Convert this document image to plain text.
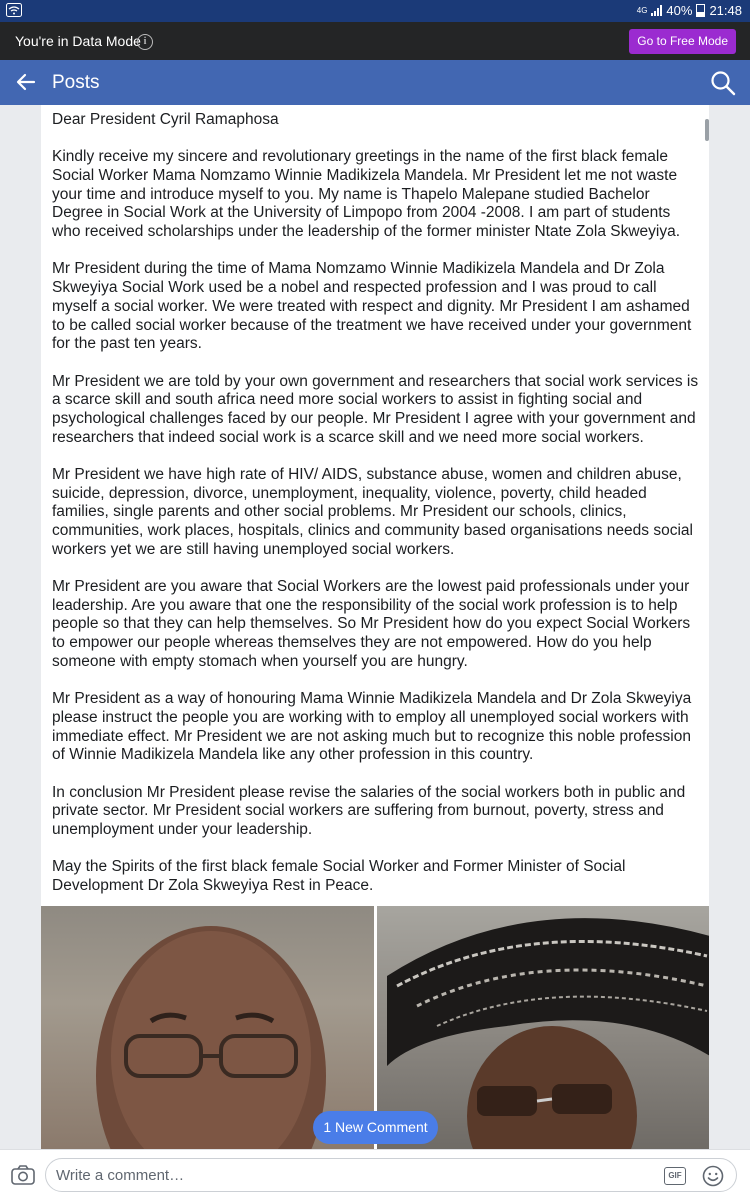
4G 40% 21:48
You're in Data Mode i	Go to Free Mode
Posts

Dear President Cyril Ramaphosa

Kindly receive my sincere and revolutionary greetings in the name of the first black female Social Worker Mama Nomzamo Winnie Madikizela Mandela. Mr President let me not waste your time and introduce myself to you. My name is Thapelo Malepane studied Bachelor Degree in Social Work at the University of Limpopo from 2004 -2008. I am part of students who received scholarships under the leadership of the former minister Ntate Zola Skweyiya.

Mr President during the time of Mama Nomzamo Winnie Madikizela Mandela and Dr Zola Skweyiya Social Work used be a nobel and respected profession and I was proud to call myself a social worker. We were treated with respect and dignity. Mr President I am ashamed to be called social worker because of the treatment we have received under your government for the past ten years.

Mr President we are told by your own government and researchers that social work services is a scarce skill and south africa need more social workers to assist in fighting social and psychological challenges faced by our people. Mr President I agree with your government and researchers that indeed social work is a scarce skill and we need more social workers.

Mr President we have high rate of HIV/ AIDS, substance abuse, women and children abuse, suicide, depression, divorce, unemployment, inequality, violence, poverty, child headed families, single parents and other social problems. Mr President our schools, clinics, communities, work places, hospitals, clinics and community based organisations needs social workers yet we are still having unemployed social workers.

Mr President are you aware that Social Workers are the lowest paid professionals under your leadership. Are you aware that one the responsibility of the social work profession is to help people so that they can help themselves. So Mr President how do you expect Social Workers to empower our people whereas themselves they are not empowered. How do you help someone with empty stomach when yourself you are hungry.

Mr President as a way of honouring Mama Winnie Madikizela Mandela and Dr Zola Skweyiya please instruct the people you are working with to employ all unemployed social workers with immediate effect. Mr President we are not asking much but to recognize this noble profession of Winnie Madikizela Mandela like any other profession in this country.

In conclusion Mr President please revise the salaries of the social workers both in public and private sector. Mr President social workers are suffering from burnout, poverty, stress and unemployment under your leadership.

May the Spirits of the first black female Social Worker and Former Minister of Social Development Dr Zola Skweyiya Rest in Peace.

1 New Comment
Write a comment…	GIF
